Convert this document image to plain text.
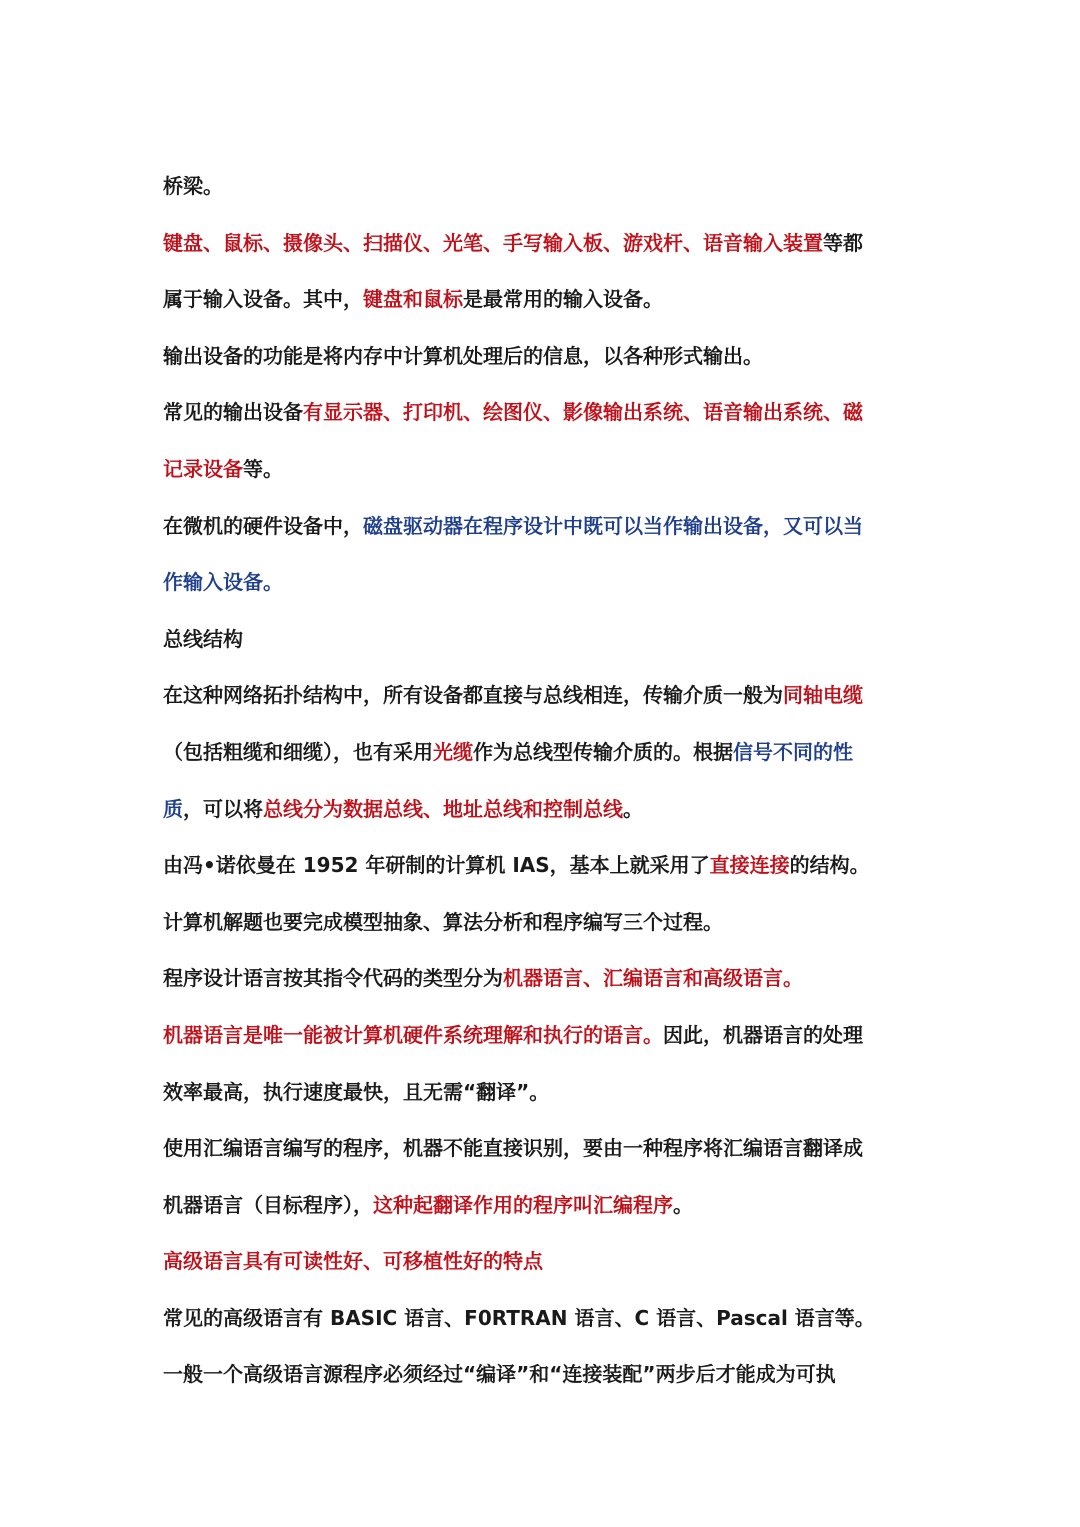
桥梁。
键盘、鼠标、摄像头、扫描仪、光笔、手写输入板、游戏杆、语音输入装置等都
属于输入设备。其中，键盘和鼠标是最常用的输入设备。
输出设备的功能是将内存中计算机处理后的信息，以各种形式输出。
常见的输出设备有显示器、打印机、绘图仪、影像输出系统、语音输出系统、磁
记录设备等。
在微机的硬件设备中，磁盘驱动器在程序设计中既可以当作输出设备，又可以当
作输入设备。
总线结构
在这种网络拓扑结构中，所有设备都直接与总线相连，传输介质一般为同轴电缆
（包括粗缆和细缆），也有采用光缆作为总线型传输介质的。根据信号不同的性
质，可以将总线分为数据总线、地址总线和控制总线。
由冯•诺依曼在 1952 年研制的计算机 IAS，基本上就采用了直接连接的结构。
计算机解题也要完成模型抽象、算法分析和程序编写三个过程。
程序设计语言按其指令代码的类型分为机器语言、汇编语言和高级语言。
机器语言是唯一能被计算机硬件系统理解和执行的语言。因此，机器语言的处理
效率最高，执行速度最快，且无需“翻译”。
使用汇编语言编写的程序，机器不能直接识别，要由一种程序将汇编语言翻译成
机器语言（目标程序），这种起翻译作用的程序叫汇编程序。
高级语言具有可读性好、可移植性好的特点
常见的高级语言有 BASIC 语言、F0RTRAN 语言、C 语言、Pascal 语言等。
一般一个高级语言源程序必须经过“编译”和“连接装配”两步后才能成为可执
